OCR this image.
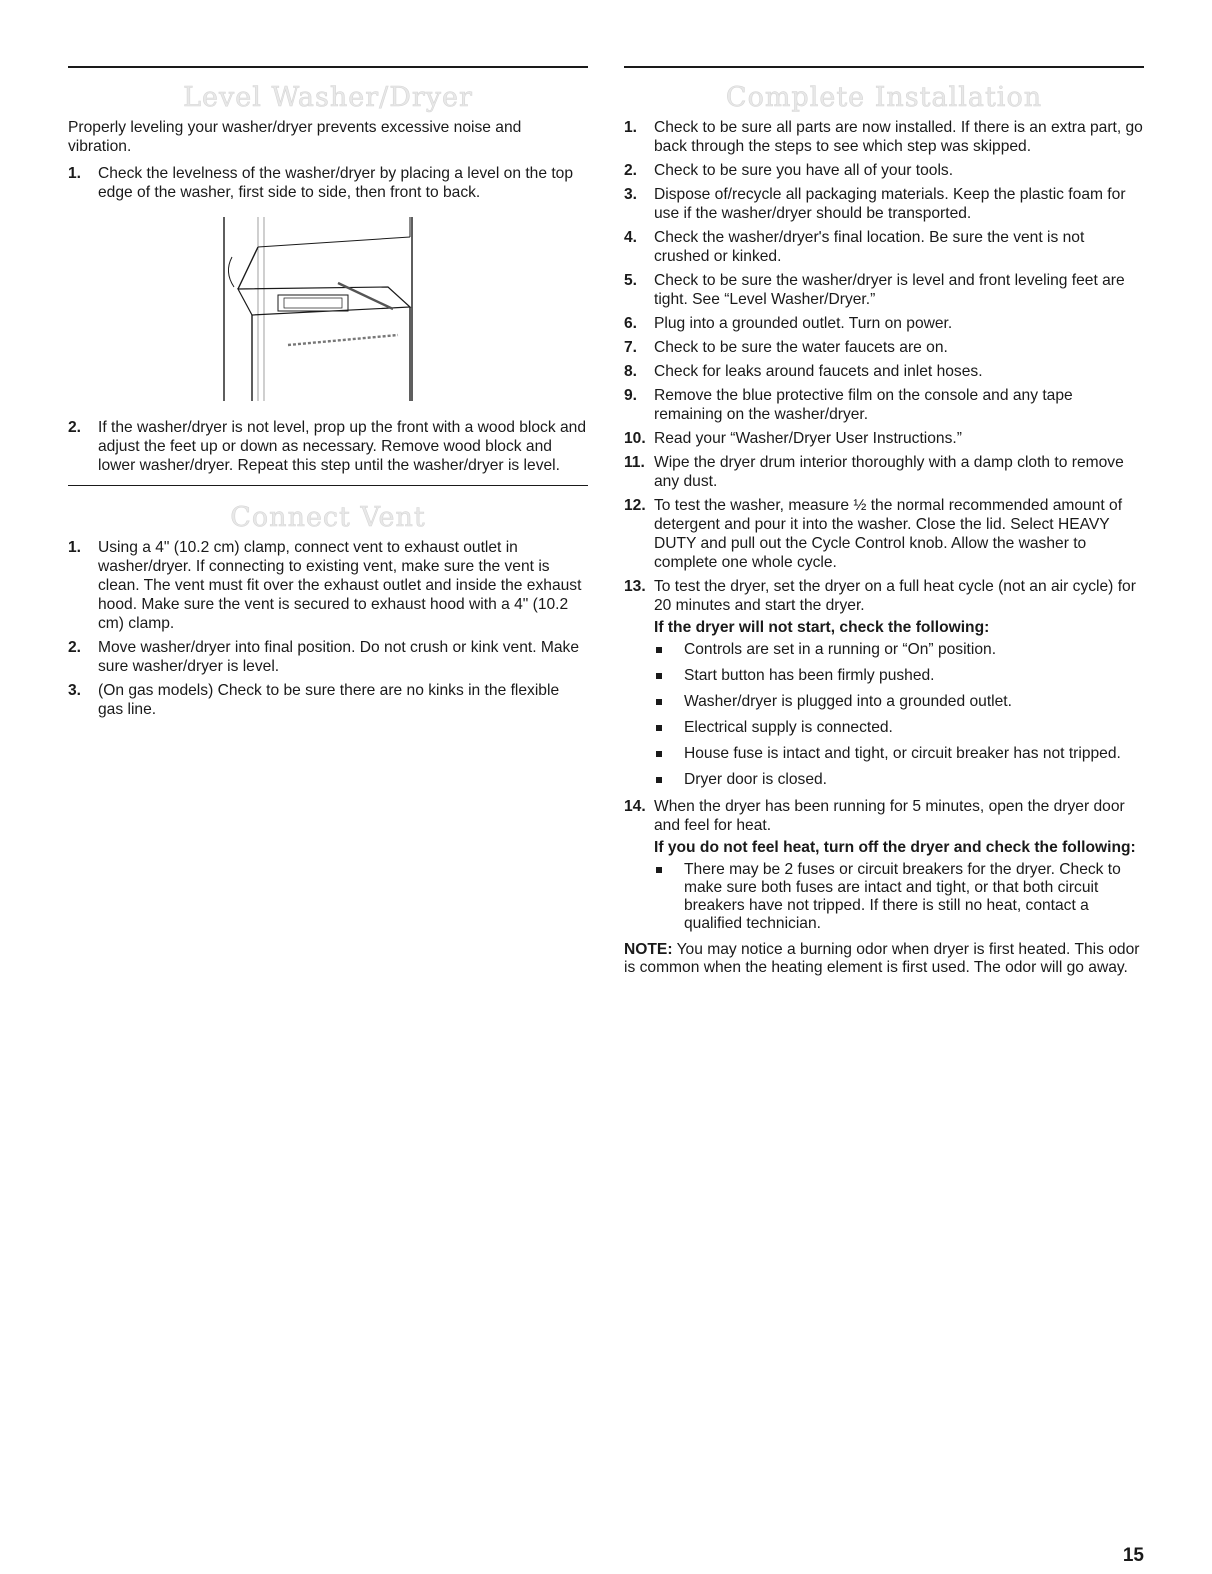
Level Washer/Dryer

Properly leveling your washer/dryer prevents excessive noise and vibration.

1. Check the levelness of the washer/dryer by placing a level on the top edge of the washer, first side to side, then front to back.
2. If the washer/dryer is not level, prop up the front with a wood block and adjust the feet up or down as necessary. Remove wood block and lower washer/dryer. Repeat this step until the washer/dryer is level.
Connect Vent
1. Using a 4" (10.2 cm) clamp, connect vent to exhaust outlet in washer/dryer. If connecting to existing vent, make sure the vent is clean. The vent must fit over the exhaust outlet and inside the exhaust hood. Make sure the vent is secured to exhaust hood with a 4" (10.2 cm) clamp.
2. Move washer/dryer into final position. Do not crush or kink vent. Make sure washer/dryer is level.
3. (On gas models) Check to be sure there are no kinks in the flexible gas line.
Complete Installation
1. Check to be sure all parts are now installed. If there is an extra part, go back through the steps to see which step was skipped.
2. Check to be sure you have all of your tools.
3. Dispose of/recycle all packaging materials. Keep the plastic foam for use if the washer/dryer should be transported.
4. Check the washer/dryer's final location. Be sure the vent is not crushed or kinked.
5. Check to be sure the washer/dryer is level and front leveling feet are tight. See “Level Washer/Dryer.”
6. Plug into a grounded outlet. Turn on power.
7. Check to be sure the water faucets are on.
8. Check for leaks around faucets and inlet hoses.
9. Remove the blue protective film on the console and any tape remaining on the washer/dryer.
10. Read your “Washer/Dryer User Instructions.”
11. Wipe the dryer drum interior thoroughly with a damp cloth to remove any dust.
12. To test the washer, measure ½ the normal recommended amount of detergent and pour it into the washer. Close the lid. Select HEAVY DUTY and pull out the Cycle Control knob. Allow the washer to complete one whole cycle.
13. To test the dryer, set the dryer on a full heat cycle (not an air cycle) for 20 minutes and start the dryer.
If the dryer will not start, check the following:
Controls are set in a running or “On” position.
Start button has been firmly pushed.
Washer/dryer is plugged into a grounded outlet.
Electrical supply is connected.
House fuse is intact and tight, or circuit breaker has not tripped.
Dryer door is closed.
14. When the dryer has been running for 5 minutes, open the dryer door and feel for heat.
If you do not feel heat, turn off the dryer and check the following:
There may be 2 fuses or circuit breakers for the dryer. Check to make sure both fuses are intact and tight, or that both circuit breakers have not tripped. If there is still no heat, contact a qualified technician.
NOTE: You may notice a burning odor when dryer is first heated. This odor is common when the heating element is first used. The odor will go away.
15
